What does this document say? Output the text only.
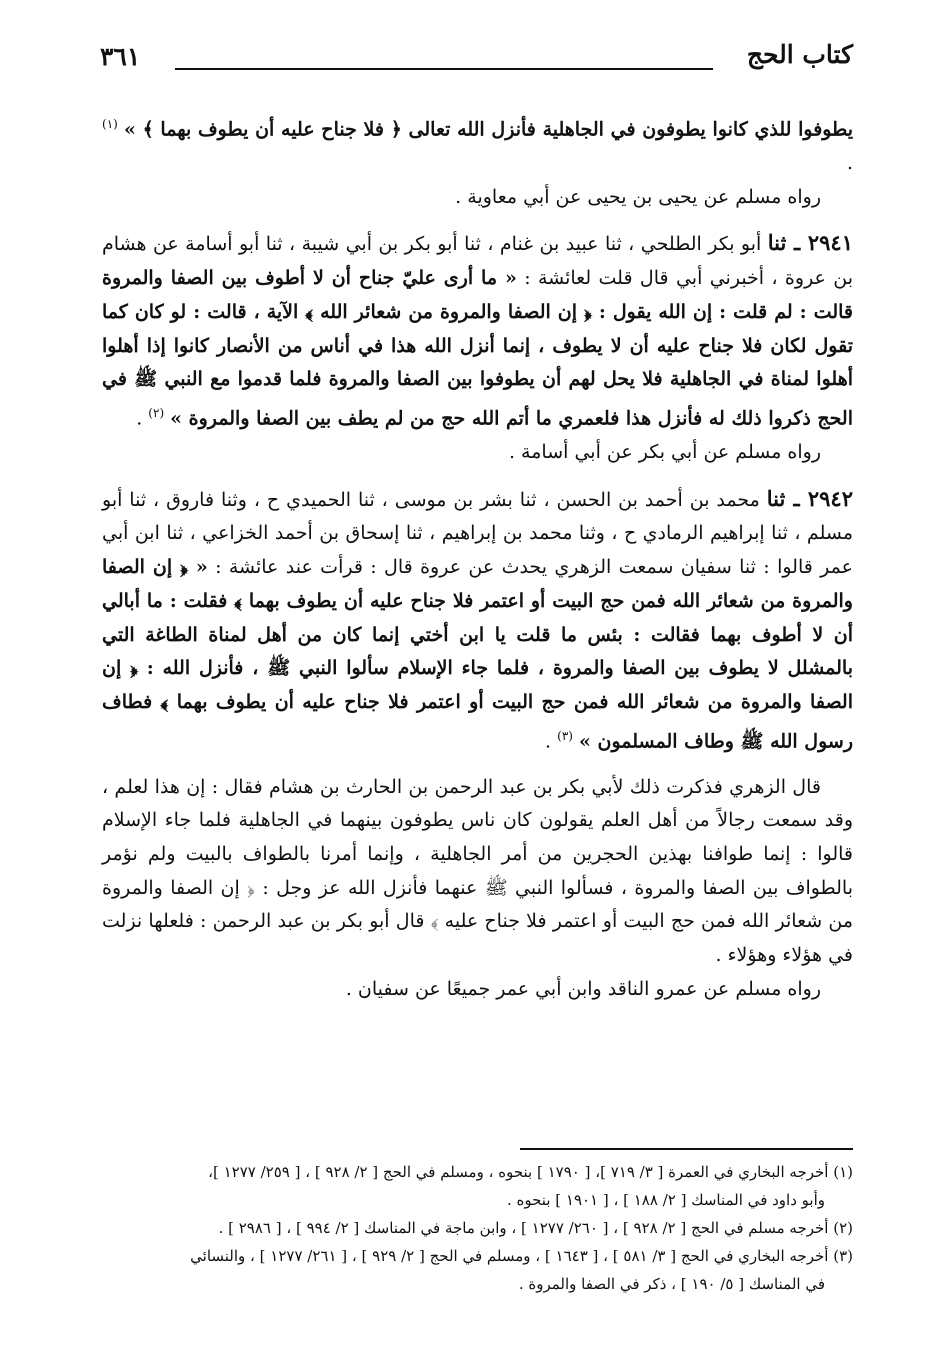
كتاب الحج
٣٦١

يطوفوا للذي كانوا يطوفون في الجاهلية فأنزل الله تعالى ﴿ فلا جناح عليه أن يطوف بهما ﴾ » $^{(١)}$ .

رواه مسلم عن يحيى بن يحيى عن أبي معاوية .

٢٩٤١ ـ ثنا أبو بكر الطلحي ، ثنا عبيد بن غنام ، ثنا أبو بكر بن أبي شيبة ، ثنا أبو أسامة عن هشام بن عروة ، أخبرني أبي قال قلت لعائشة : « ما أرى عليّ جناح أن لا أطوف بين الصفا والمروة قالت : لم قلت : إن الله يقول : ﴿ إن الصفا والمروة من شعائر الله ﴾ الآية ، قالت : لو كان كما تقول لكان فلا جناح عليه أن لا يطوف ، إنما أنزل الله هذا في أناس من الأنصار كانوا إذا أهلوا أهلوا لمناة في الجاهلية فلا يحل لهم أن يطوفوا بين الصفا والمروة فلما قدموا مع النبي ﷺ في الحج ذكروا ذلك له فأنزل هذا فلعمري ما أتم الله حج من لم يطف بين الصفا والمروة » $^{(٢)}$ .

رواه مسلم عن أبي بكر عن أبي أسامة .

٢٩٤٢ ـ ثنا محمد بن أحمد بن الحسن ، ثنا بشر بن موسى ، ثنا الحميدي ح ، وثنا فاروق ، ثنا أبو مسلم ، ثنا إبراهيم الرمادي ح ، وثنا محمد بن إبراهيم ، ثنا إسحاق بن أحمد الخزاعي ، ثنا ابن أبي عمر قالوا : ثنا سفيان سمعت الزهري يحدث عن عروة قال : قرأت عند عائشة : « ﴿ إن الصفا والمروة من شعائر الله فمن حج البيت أو اعتمر فلا جناح عليه أن يطوف بهما ﴾ فقلت : ما أبالي أن لا أطوف بهما فقالت : بئس ما قلت يا ابن أختي إنما كان من أهل لمناة الطاغة التي بالمشلل لا يطوف بين الصفا والمروة ، فلما جاء الإسلام سألوا النبي ﷺ ، فأنزل الله : ﴿ إن الصفا والمروة من شعائر الله فمن حج البيت أو اعتمر فلا جناح عليه أن يطوف بهما ﴾ فطاف رسول الله ﷺ وطاف المسلمون » $^{(٣)}$ .

قال الزهري فذكرت ذلك لأبي بكر بن عبد الرحمن بن الحارث بن هشام فقال : إن هذا لعلم ، وقد سمعت رجالاً من أهل العلم يقولون كان ناس يطوفون بينهما في الجاهلية فلما جاء الإسلام قالوا : إنما طوافنا بهذين الحجرين من أمر الجاهلية ، وإنما أمرنا بالطواف بالبيت ولم نؤمر بالطواف بين الصفا والمروة ، فسألوا النبي ﷺ عنهما فأنزل الله عز وجل : ﴿ إن الصفا والمروة من شعائر الله فمن حج البيت أو اعتمر فلا جناح عليه ﴾ قال أبو بكر بن عبد الرحمن : فلعلها نزلت في هؤلاء وهؤلاء .

رواه مسلم عن عمرو الناقد وابن أبي عمر جميعًا عن سفيان .

(١) أخرجه البخاري في العمرة [ ٣/ ٧١٩ ]، [ ١٧٩٠ ] بنحوه ، ومسلم في الحج [ ٢/ ٩٢٨ ] ، [ ٢٥٩/ ١٢٧٧ ]،

وأبو داود في المناسك [ ٢/ ١٨٨ ] ، [ ١٩٠١ ] بنحوه .

(٢) أخرجه مسلم في الحج [ ٢/ ٩٢٨ ] ، [ ٢٦٠/ ١٢٧٧ ] ، وابن ماجة في المناسك [ ٢/ ٩٩٤ ] ، [ ٢٩٨٦ ] .

(٣) أخرجه البخاري في الحج [ ٣/ ٥٨١ ] ، [ ١٦٤٣ ] ، ومسلم في الحج [ ٢/ ٩٢٩ ] ، [ ٢٦١/ ١٢٧٧ ] ، والنسائي

في المناسك [ ٥/ ١٩٠ ] ، ذكر في الصفا والمروة .
